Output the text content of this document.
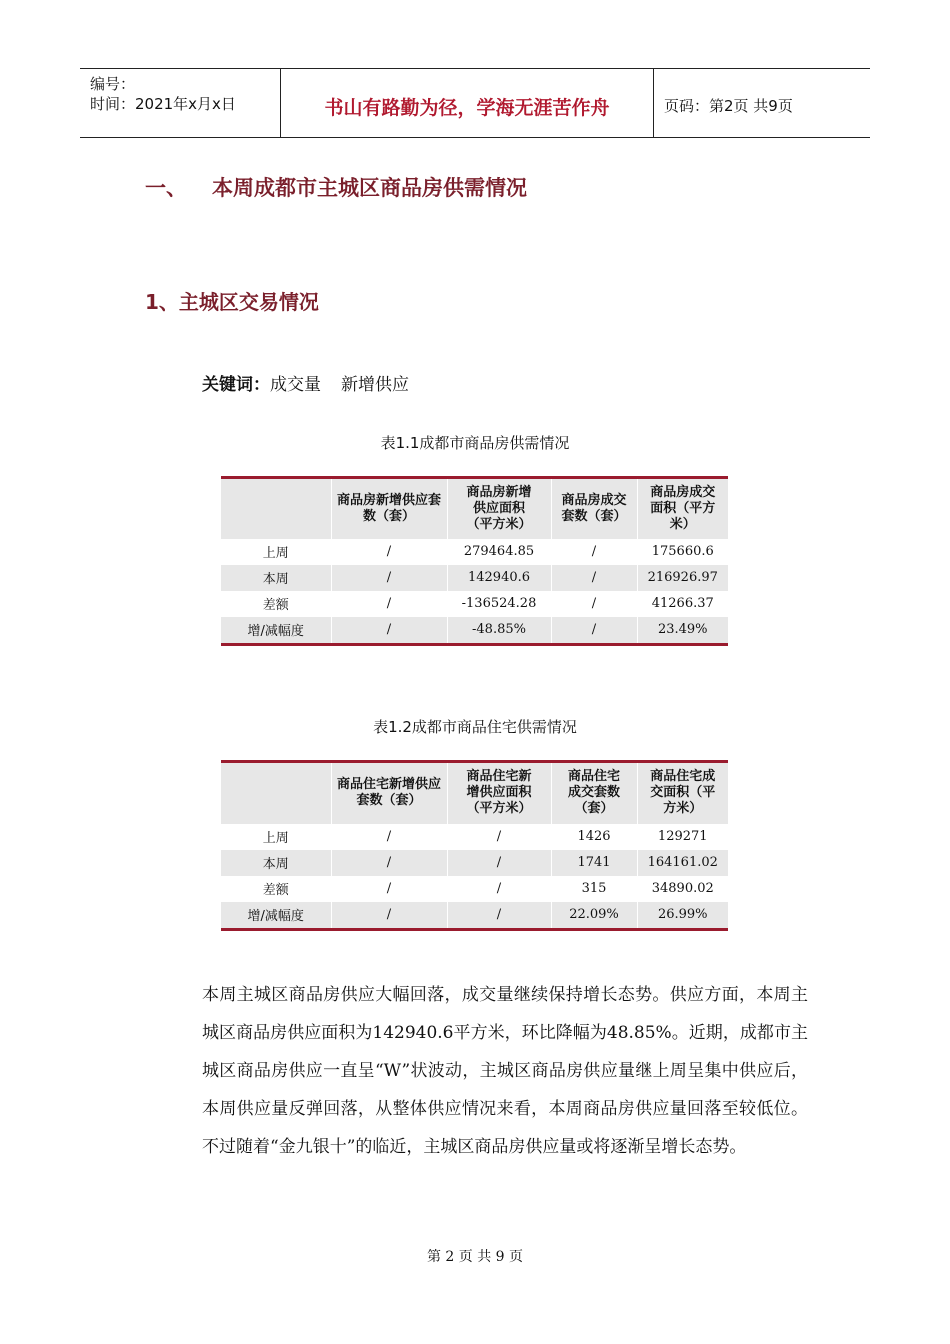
编号：
时间：2021年x月x日	书山有路勤为径，学海无涯苦作舟	页码：第2页 共9页
一、 本周成都市主城区商品房供需情况
1、主城区交易情况
关键词：成交量 新增供应
表1.1成都市商品房供需情况

	商品房新增供应套数（套）	商品房新增供应面积（平方米）	商品房成交套数（套）	商品房成交面积（平方米）

上周	/	279464.85	/	175660.6
本周	/	142940.6	/	216926.97
差额	/	-136524.28	/	41266.37
增/减幅度	/	-48.85%	/	23.49%
表1.2成都市商品住宅供需情况

	商品住宅新增供应套数（套）	商品住宅新增供应面积（平方米）	商品住宅成交套数（套）	商品住宅成交面积（平方米）

上周	/	/	1426	129271
本周	/	/	1741	164161.02
差额	/	/	315	34890.02
增/减幅度	/	/	22.09%	26.99%
本周主城区商品房供应大幅回落，成交量继续保持增长态势。供应方面，本周主城区商品房供应面积为142940.6平方米，环比降幅为48.85%。近期，成都市主城区商品房供应一直呈“W”状波动，主城区商品房供应量继上周呈集中供应后，本周供应量反弹回落，从整体供应情况来看，本周商品房供应量回落至较低位。不过随着“金九银十”的临近，主城区商品房供应量或将逐渐呈增长态势。
第 2 页 共 9 页
